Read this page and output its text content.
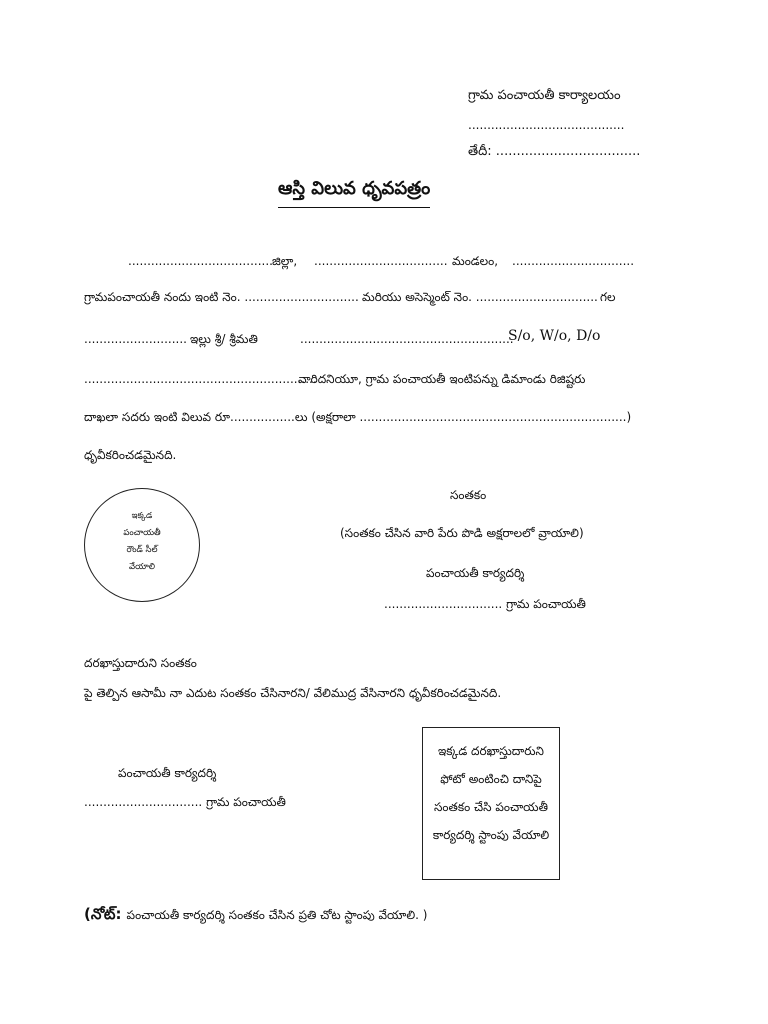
గ్రామ పంచాయతీ కార్యాలయం
.........................................
తేదీ: ...................................
ఆస్తి విలువ ధృవపత్రం
...................................... జిల్లా, ................................... మండలం, ................................
గ్రామపంచాయతీ నందు ఇంటి నెం. .............................. మరియు అసెస్మెంట్ నెం. ................................ గల
........................... ఇల్లు శ్రీ/ శ్రీమతి	........................................................
S/o, W/o, D/o
.............................................................
వారిదనియూ, గ్రామ పంచాయతీ ఇంటిపన్ను డిమాండు రిజిష్టరు
దాఖలా సదరు ఇంటి విలువ రూ.................లు (అక్షరాలా ......................................................................)
ధృవీకరించడమైనది.
ఇక్కడ
పంచాయతీ
రౌండ్ సీల్
వేయాలి
సంతకం
(సంతకం చేసిన వారి పేరు పొడి అక్షరాలలో వ్రాయాలి)
పంచాయతీ కార్యదర్శి
............................... గ్రామ పంచాయతీ
దరఖాస్తుదారుని సంతకం
పై తెల్పిన ఆసామీ నా ఎదుట సంతకం చేసినారని/ వేలిముద్ర వేసినారని ధృవీకరించడమైనది.
పంచాయతీ కార్యదర్శి
............................... గ్రామ పంచాయతీ
ఇక్కడ దరఖాస్తుదారుని
ఫోటో అంటించి దానిపై
సంతకం చేసి పంచాయతీ
కార్యదర్శి స్టాంపు వేయాలి
(నోట్: పంచాయతీ కార్యదర్శి సంతకం చేసిన ప్రతి చోట స్టాంపు వేయాలి. )
